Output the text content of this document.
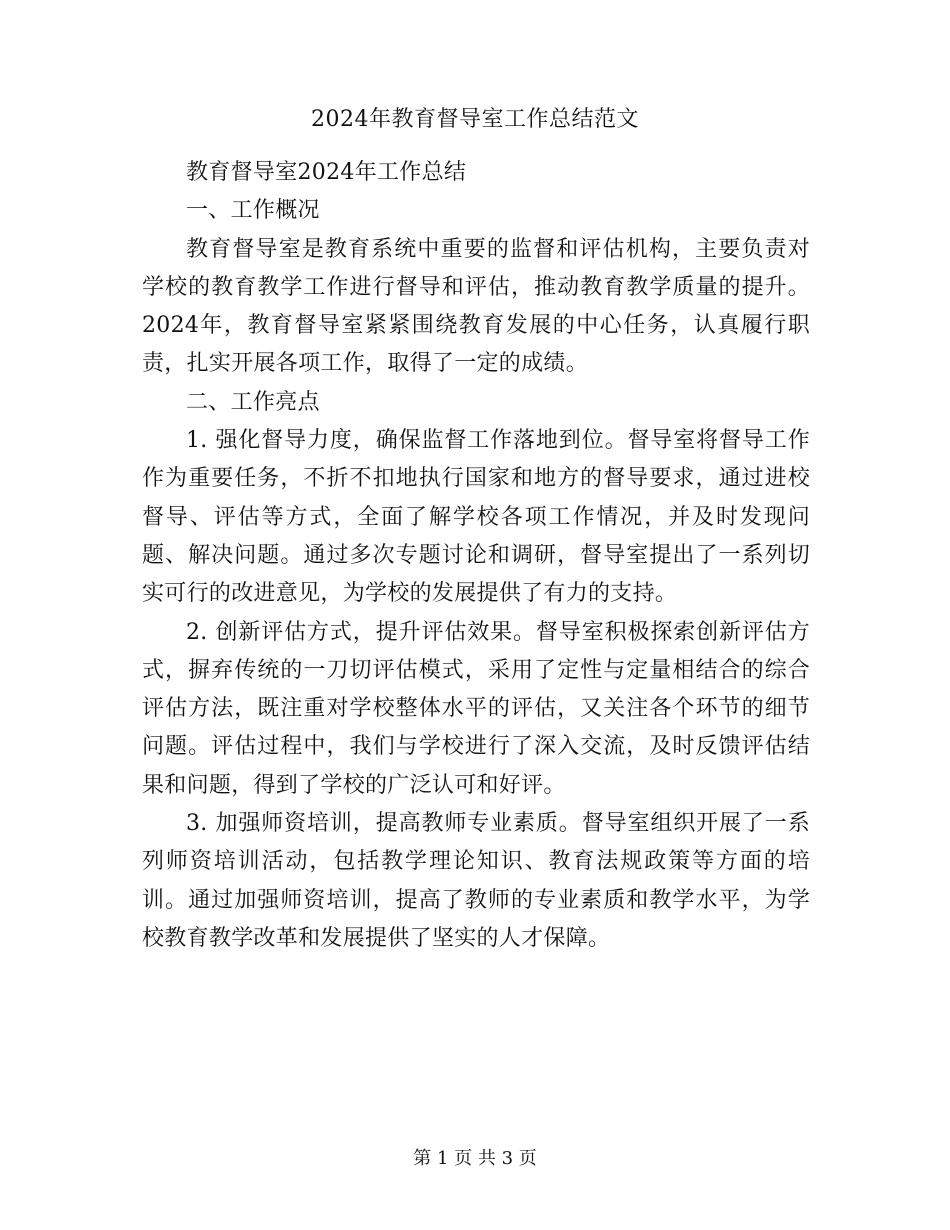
2024年教育督导室工作总结范文

教育督导室2024年工作总结

一、工作概况

教育督导室是教育系统中重要的监督和评估机构，主要负责对学校的教育教学工作进行督导和评估，推动教育教学质量的提升。2024年，教育督导室紧紧围绕教育发展的中心任务，认真履行职责，扎实开展各项工作，取得了一定的成绩。

二、工作亮点

1. 强化督导力度，确保监督工作落地到位。督导室将督导工作作为重要任务，不折不扣地执行国家和地方的督导要求，通过进校督导、评估等方式，全面了解学校各项工作情况，并及时发现问题、解决问题。通过多次专题讨论和调研，督导室提出了一系列切实可行的改进意见，为学校的发展提供了有力的支持。

2. 创新评估方式，提升评估效果。督导室积极探索创新评估方式，摒弃传统的一刀切评估模式，采用了定性与定量相结合的综合评估方法，既注重对学校整体水平的评估，又关注各个环节的细节问题。评估过程中，我们与学校进行了深入交流，及时反馈评估结果和问题，得到了学校的广泛认可和好评。

3. 加强师资培训，提高教师专业素质。督导室组织开展了一系列师资培训活动，包括教学理论知识、教育法规政策等方面的培训。通过加强师资培训，提高了教师的专业素质和教学水平，为学校教育教学改革和发展提供了坚实的人才保障。

第 1 页 共 3 页
